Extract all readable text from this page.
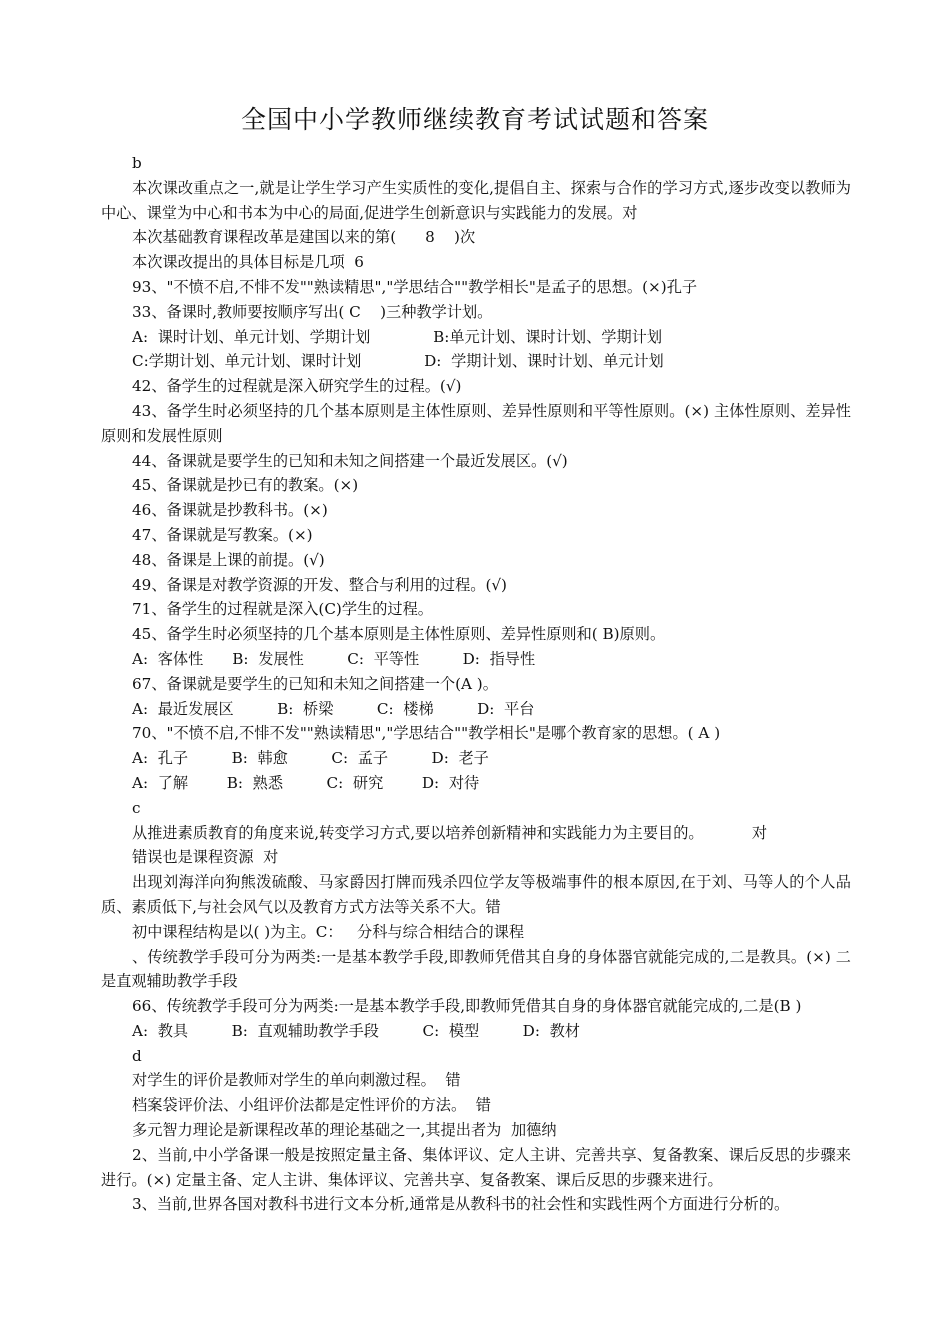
全国中小学教师继续教育考试试题和答案
b
本次课改重点之一,就是让学生学习产生实质性的变化,提倡自主、探索与合作的学习方式,逐步改变以教师为中心、课堂为中心和书本为中心的局面,促进学生创新意识与实践能力的发展。对
本次基础教育课程改革是建国以来的第(      8    )次
本次课改提出的具体目标是几项  6
93、"不愤不启,不悱不发""熟读精思","学思结合""教学相长"是孟子的思想。(×)孔子
33、备课时,教师要按顺序写出( C    )三种教学计划。
A:  课时计划、单元计划、学期计划             B:单元计划、课时计划、学期计划
C:学期计划、单元计划、课时计划             D:  学期计划、课时计划、单元计划
42、备学生的过程就是深入研究学生的过程。(√)
43、备学生时必须坚持的几个基本原则是主体性原则、差异性原则和平等性原则。(×) 主体性原则、差异性原则和发展性原则
44、备课就是要学生的已知和未知之间搭建一个最近发展区。(√)
45、备课就是抄已有的教案。(×)
46、备课就是抄教科书。(×)
47、备课就是写教案。(×)
48、备课是上课的前提。(√)
49、备课是对教学资源的开发、整合与利用的过程。(√)
71、备学生的过程就是深入(C)学生的过程。
45、备学生时必须坚持的几个基本原则是主体性原则、差异性原则和( B)原则。
A:  客体性      B:  发展性         C:  平等性         D:  指导性
67、备课就是要学生的已知和未知之间搭建一个(A )。
A:  最近发展区         B:  桥梁         C:  楼梯         D:  平台
70、"不愤不启,不悱不发""熟读精思","学思结合""教学相长"是哪个教育家的思想。( A )
A:  孔子         B:  韩愈         C:  孟子         D:  老子
A:  了解        B:  熟悉         C:  研究        D:  对待
c
从推进素质教育的角度来说,转变学习方式,要以培养创新精神和实践能力为主要目的。          对
错误也是课程资源  对
出现刘海洋向狗熊泼硫酸、马家爵因打牌而残杀四位学友等极端事件的根本原因,在于刘、马等人的个人品质、素质低下,与社会风气以及教育方式方法等关系不大。错
初中课程结构是以( )为主。C：   分科与综合相结合的课程
、传统教学手段可分为两类:一是基本教学手段,即教师凭借其自身的身体器官就能完成的,二是教具。(×) 二是直观辅助教学手段
66、传统教学手段可分为两类:一是基本教学手段,即教师凭借其自身的身体器官就能完成的,二是(B )
A:  教具         B:  直观辅助教学手段         C:  模型         D:  教材
d
对学生的评价是教师对学生的单向刺激过程。  错
档案袋评价法、小组评价法都是定性评价的方法。  错
多元智力理论是新课程改革的理论基础之一,其提出者为  加德纳
2、当前,中小学备课一般是按照定量主备、集体评议、定人主讲、完善共享、复备教案、课后反思的步骤来进行。(×) 定量主备、定人主讲、集体评议、完善共享、复备教案、课后反思的步骤来进行。
3、当前,世界各国对教科书进行文本分析,通常是从教科书的社会性和实践性两个方面进行分析的。
